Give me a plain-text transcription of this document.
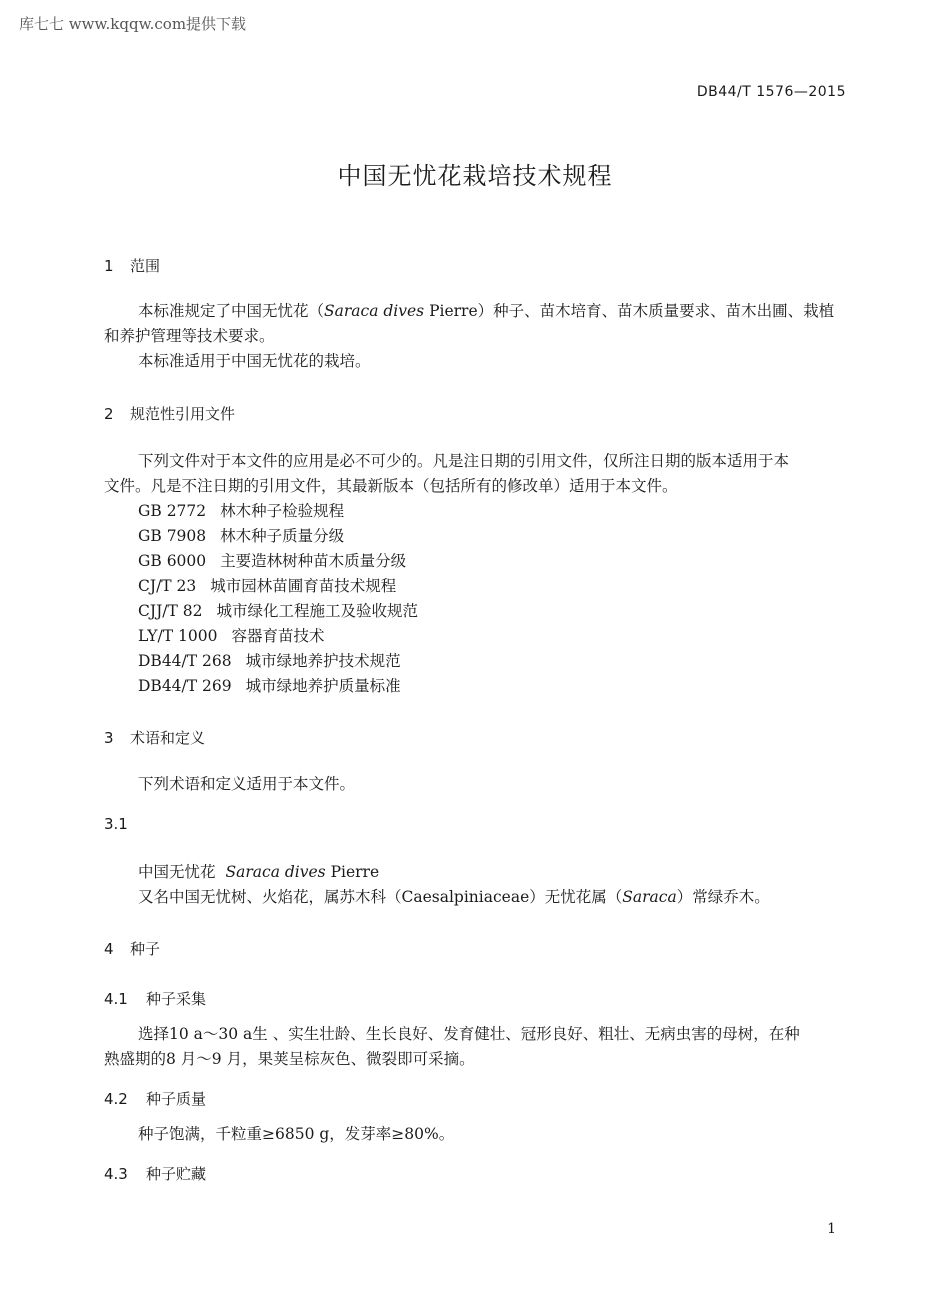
库七七 www.kqqw.com提供下载
DB44/T 1576—2015
中国无忧花栽培技术规程
1 范围
本标准规定了中国无忧花（Saraca dives Pierre）种子、苗木培育、苗木质量要求、苗木出圃、栽植
和养护管理等技术要求。
本标准适用于中国无忧花的栽培。
2 规范性引用文件
下列文件对于本文件的应用是必不可少的。凡是注日期的引用文件，仅所注日期的版本适用于本
文件。凡是不注日期的引用文件，其最新版本（包括所有的修改单）适用于本文件。
GB 2772 林木种子检验规程
GB 7908 林木种子质量分级
GB 6000 主要造林树种苗木质量分级
CJ/T 23 城市园林苗圃育苗技术规程
CJJ/T 82 城市绿化工程施工及验收规范
LY/T 1000 容器育苗技术
DB44/T 268 城市绿地养护技术规范
DB44/T 269 城市绿地养护质量标准
3 术语和定义
下列术语和定义适用于本文件。
3.1
中国无忧花 Saraca dives Pierre
又名中国无忧树、火焰花，属苏木科（Caesalpiniaceae）无忧花属（Saraca）常绿乔木。
4 种子
4.1 种子采集
选择10 a～30 a生 、实生壮龄、生长良好、发育健壮、冠形良好、粗壮、无病虫害的母树，在种
熟盛期的8 月～9 月，果荚呈棕灰色、微裂即可采摘。
4.2 种子质量
种子饱满，千粒重≥6850 g，发芽率≥80%。
4.3 种子贮藏
1
